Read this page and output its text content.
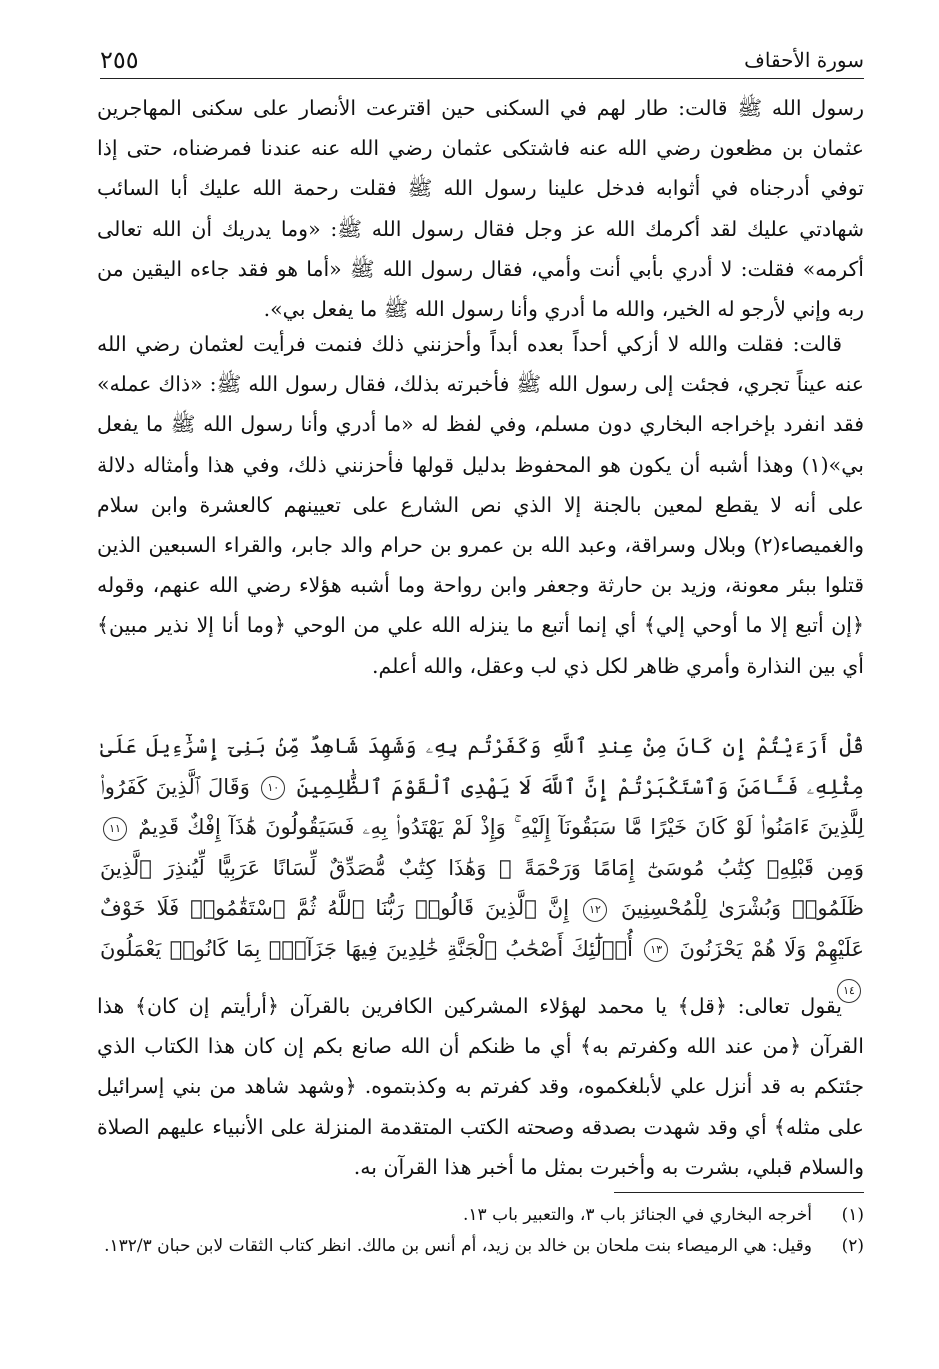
سورة الأحقاف
٢٥٥

رسول الله ﷺ قالت: طار لهم في السكنى حين اقترعت الأنصار على سكنى المهاجرين عثمان بن مظعون رضي الله عنه فاشتكى عثمان رضي الله عنه عندنا فمرضناه، حتى إذا توفي أدرجناه في أثوابه فدخل علينا رسول الله ﷺ فقلت رحمة الله عليك أبا السائب شهادتي عليك لقد أكرمك الله عز وجل فقال رسول الله ﷺ: «وما يدريك أن الله تعالى أكرمه» فقلت: لا أدري بأبي أنت وأمي، فقال رسول الله ﷺ «أما هو فقد جاءه اليقين من ربه وإني لأرجو له الخير، والله ما أدري وأنا رسول الله ﷺ ما يفعل بي».

قالت: فقلت والله لا أزكي أحداً بعده أبداً وأحزنني ذلك فنمت فرأيت لعثمان رضي الله عنه عيناً تجري، فجئت إلى رسول الله ﷺ فأخبرته بذلك، فقال رسول الله ﷺ: «ذاك عمله» فقد انفرد بإخراجه البخاري دون مسلم، وفي لفظ له «ما أدري وأنا رسول الله ﷺ ما يفعل بي»(١) وهذا أشبه أن يكون هو المحفوظ بدليل قولها فأحزنني ذلك، وفي هذا وأمثاله دلالة على أنه لا يقطع لمعين بالجنة إلا الذي نص الشارع على تعيينهم كالعشرة وابن سلام والغميصاء(٢) وبلال وسراقة، وعبد الله بن عمرو بن حرام والد جابر، والقراء السبعين الذين قتلوا ببئر معونة، وزيد بن حارثة وجعفر وابن رواحة وما أشبه هؤلاء رضي الله عنهم، وقوله ﴿إن أتبع إلا ما أوحي إلي﴾ أي إنما أتبع ما ينزله الله علي من الوحي ﴿وما أنا إلا نذير مبين﴾ أي بين النذارة وأمري ظاهر لكل ذي لب وعقل، والله أعلم.

قُلْ أَرَءَيْتُمْ إِن كَانَ مِنْ عِندِ ٱللَّهِ وَكَفَرْتُم بِهِۦ وَشَهِدَ شَاهِدٌ مِّنۢ بَنِىٓ إِسْرَٰٓءِيلَ عَلَىٰ مِثْلِهِۦ فَـَٔامَنَ وَٱسْتَكْبَرْتُمْ إِنَّ ٱللَّهَ لَا يَهْدِى ٱلْقَوْمَ ٱلظَّٰلِمِينَ ١٠ وَقَالَ ٱلَّذِينَ كَفَرُوا۟ لِلَّذِينَ ءَامَنُوا۟ لَوْ كَانَ خَيْرًا مَّا سَبَقُونَآ إِلَيْهِ ۚ وَإِذْ لَمْ يَهْتَدُوا۟ بِهِۦ فَسَيَقُولُونَ هَٰذَآ إِفْكٌ قَدِيمٌ ١١ وَمِن قَبْلِهِۦ كِتَٰبُ مُوسَىٰٓ إِمَامًا وَرَحْمَةً ۚ وَهَٰذَا كِتَٰبٌ مُّصَدِّقٌ لِّسَانًا عَرَبِيًّا لِّيُنذِرَ ٱلَّذِينَ ظَلَمُوا۟ وَبُشْرَىٰ لِلْمُحْسِنِينَ ١٢ إِنَّ ٱلَّذِينَ قَالُوا۟ رَبُّنَا ٱللَّهُ ثُمَّ ٱسْتَقَٰمُوا۟ فَلَا خَوْفٌ عَلَيْهِمْ وَلَا هُمْ يَحْزَنُونَ ١٣ أُو۟لَٰٓئِكَ أَصْحَٰبُ ٱلْجَنَّةِ خَٰلِدِينَ فِيهَا جَزَآءًۢ بِمَا كَانُوا۟ يَعْمَلُونَ ١٤

يقول تعالى: ﴿قل﴾ يا محمد لهؤلاء المشركين الكافرين بالقرآن ﴿أرأيتم إن كان﴾ هذا القرآن ﴿من عند الله وكفرتم به﴾ أي ما ظنكم أن الله صانع بكم إن كان هذا الكتاب الذي جئتكم به قد أنزل علي لأبلغكموه، وقد كفرتم به وكذبتموه. ﴿وشهد شاهد من بني إسرائيل على مثله﴾ أي وقد شهدت بصدقه وصحته الكتب المتقدمة المنزلة على الأنبياء عليهم الصلاة والسلام قبلي، بشرت به وأخبرت بمثل ما أخبر هذا القرآن به.

(١)
أخرجه البخاري في الجنائز باب ٣، والتعبير باب ١٣.
(٢)
وقيل: هي الرميصاء بنت ملحان بن خالد بن زيد، أم أنس بن مالك. انظر كتاب الثقات لابن حبان ١٣٢/٣.
